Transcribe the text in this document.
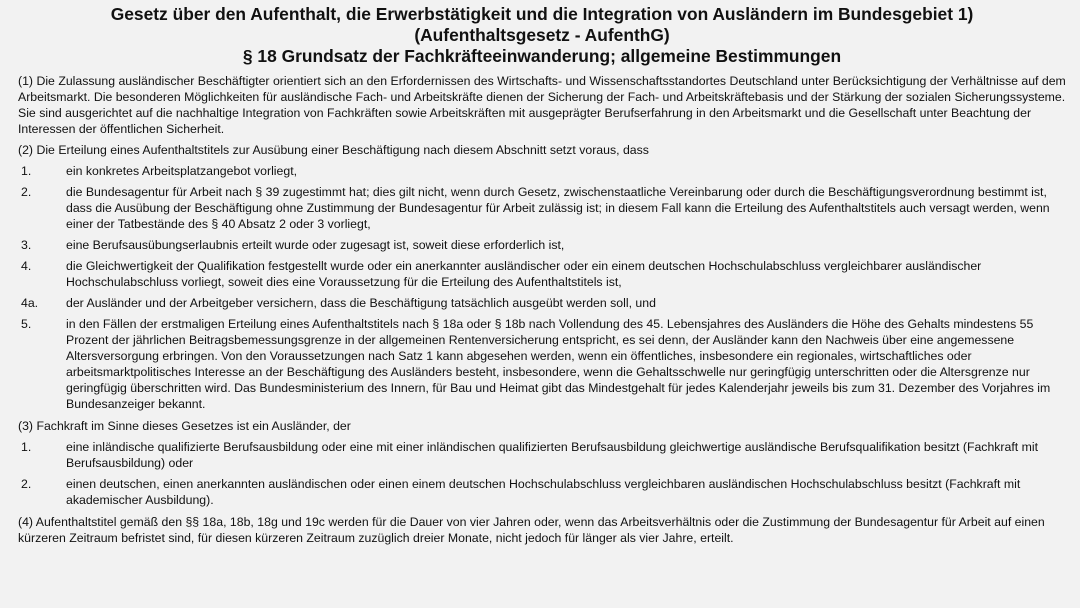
Gesetz über den Aufenthalt, die Erwerbstätigkeit und die Integration von Ausländern im Bundesgebiet 1)
(Aufenthaltsgesetz - AufenthG)
§ 18 Grundsatz der Fachkräfteeinwanderung; allgemeine Bestimmungen

(1) Die Zulassung ausländischer Beschäftigter orientiert sich an den Erfordernissen des Wirtschafts- und Wissenschaftsstandortes Deutschland unter Berücksichtigung der Verhältnisse auf dem Arbeitsmarkt. Die besonderen Möglichkeiten für ausländische Fach- und Arbeitskräfte dienen der Sicherung der Fach- und Arbeitskräftebasis und der Stärkung der sozialen Sicherungssysteme. Sie sind ausgerichtet auf die nachhaltige Integration von Fachkräften sowie Arbeitskräften mit ausgeprägter Berufserfahrung in den Arbeitsmarkt und die Gesellschaft unter Beachtung der Interessen der öffentlichen Sicherheit.

(2) Die Erteilung eines Aufenthaltstitels zur Ausübung einer Beschäftigung nach diesem Abschnitt setzt voraus, dass

1.	ein konkretes Arbeitsplatzangebot vorliegt,
2.	die Bundesagentur für Arbeit nach § 39 zugestimmt hat; dies gilt nicht, wenn durch Gesetz, zwischenstaatliche Vereinbarung oder durch die Beschäftigungsverordnung bestimmt ist, dass die Ausübung der Beschäftigung ohne Zustimmung der Bundesagentur für Arbeit zulässig ist; in diesem Fall kann die Erteilung des Aufenthaltstitels auch versagt werden, wenn einer der Tatbestände des § 40 Absatz 2 oder 3 vorliegt,
3.	eine Berufsausübungserlaubnis erteilt wurde oder zugesagt ist, soweit diese erforderlich ist,
4.	die Gleichwertigkeit der Qualifikation festgestellt wurde oder ein anerkannter ausländischer oder ein einem deutschen Hochschulabschluss vergleichbarer ausländischer Hochschulabschluss vorliegt, soweit dies eine Voraussetzung für die Erteilung des Aufenthaltstitels ist,
4a.	der Ausländer und der Arbeitgeber versichern, dass die Beschäftigung tatsächlich ausgeübt werden soll, und
5.	in den Fällen der erstmaligen Erteilung eines Aufenthaltstitels nach § 18a oder § 18b nach Vollendung des 45. Lebensjahres des Ausländers die Höhe des Gehalts mindestens 55 Prozent der jährlichen Beitragsbemessungsgrenze in der allgemeinen Rentenversicherung entspricht, es sei denn, der Ausländer kann den Nachweis über eine angemessene Altersversorgung erbringen. Von den Voraussetzungen nach Satz 1 kann abgesehen werden, wenn ein öffentliches, insbesondere ein regionales, wirtschaftliches oder arbeitsmarktpolitisches Interesse an der Beschäftigung des Ausländers besteht, insbesondere, wenn die Gehaltsschwelle nur geringfügig unterschritten oder die Altersgrenze nur geringfügig überschritten wird. Das Bundesministerium des Innern, für Bau und Heimat gibt das Mindestgehalt für jedes Kalenderjahr jeweils bis zum 31. Dezember des Vorjahres im Bundesanzeiger bekannt.

(3) Fachkraft im Sinne dieses Gesetzes ist ein Ausländer, der

1.	eine inländische qualifizierte Berufsausbildung oder eine mit einer inländischen qualifizierten Berufsausbildung gleichwertige ausländische Berufsqualifikation besitzt (Fachkraft mit Berufsausbildung) oder
2.	einen deutschen, einen anerkannten ausländischen oder einen einem deutschen Hochschulabschluss vergleichbaren ausländischen Hochschulabschluss besitzt (Fachkraft mit akademischer Ausbildung).

(4) Aufenthaltstitel gemäß den §§ 18a, 18b, 18g und 19c werden für die Dauer von vier Jahren oder, wenn das Arbeitsverhältnis oder die Zustimmung der Bundesagentur für Arbeit auf einen kürzeren Zeitraum befristet sind, für diesen kürzeren Zeitraum zuzüglich dreier Monate, nicht jedoch für länger als vier Jahre, erteilt.
